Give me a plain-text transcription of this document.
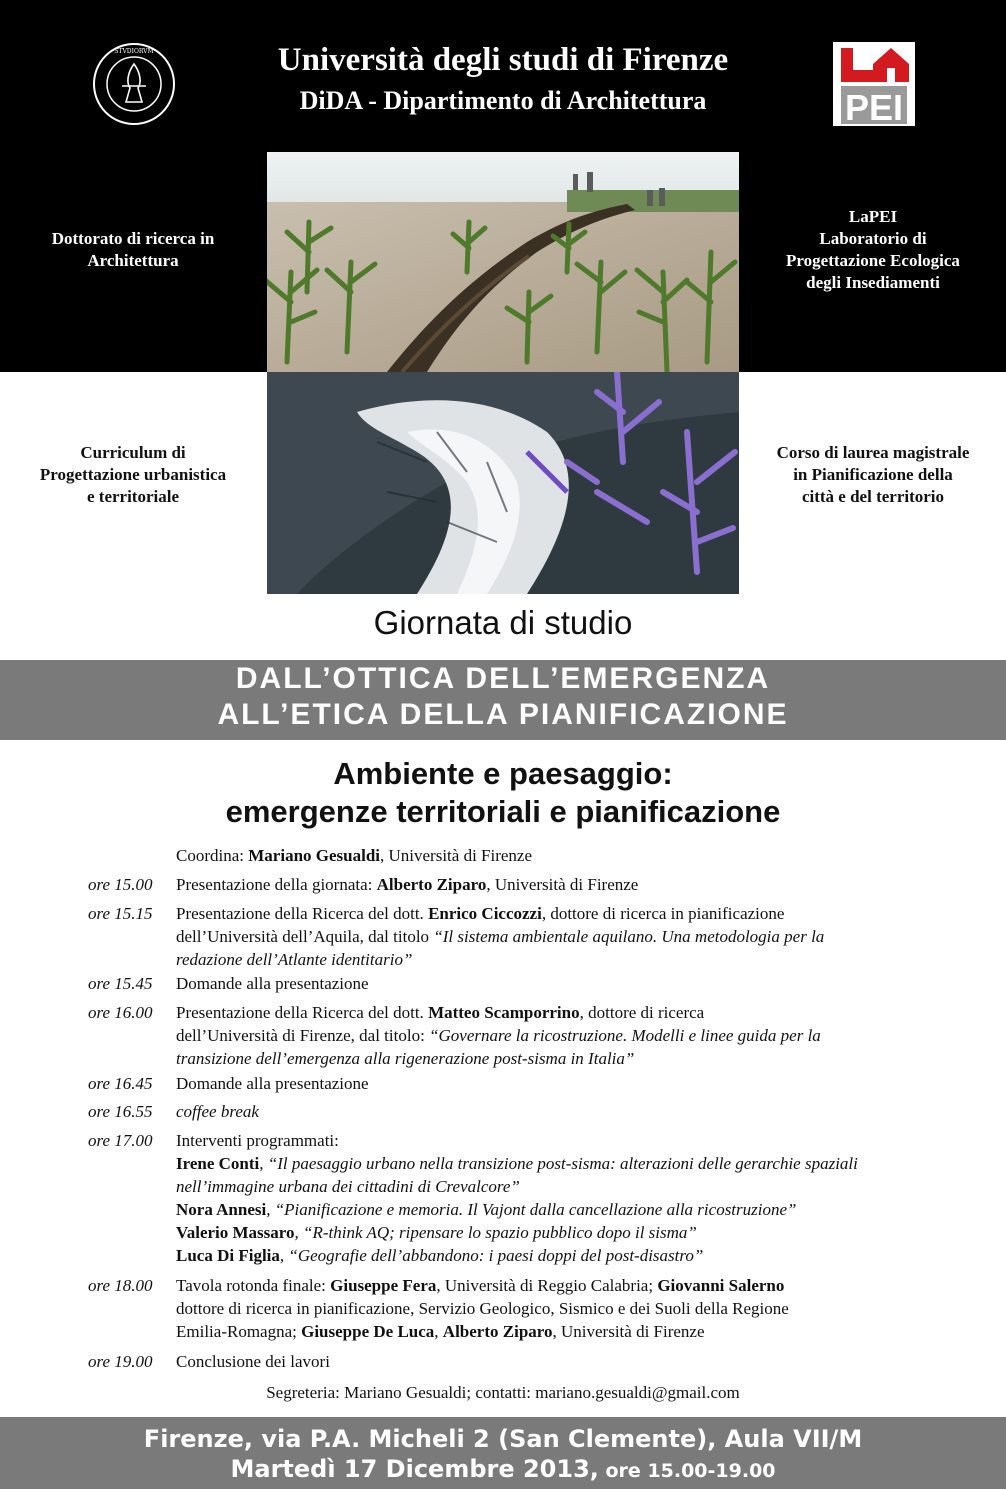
·STVDIORVM·	Università degli studi di Firenze
DiDA - Dipartimento di Architettura	PEI
Dottorato di ricerca in
Architettura
LaPEI
Laboratorio di
Progettazione Ecologica
degli Insediamenti
Curriculum di
Progettazione urbanistica
e territoriale
Corso di laurea magistrale
in Pianificazione della
città e del territorio
Giornata di studio
DALL’OTTICA DELL’EMERGENZA
ALL’ETICA DELLA PIANIFICAZIONE
Ambiente e paesaggio:
emergenze territoriali e pianificazione
Coordina: Mariano Gesualdi, Università di Firenze
ore 15.00	Presentazione della giornata: Alberto Ziparo, Università di Firenze
ore 15.15	Presentazione della Ricerca del dott. Enrico Ciccozzi, dottore di ricerca in pianificazione
dell’Università dell’Aquila, dal titolo “Il sistema ambientale aquilano. Una metodologia per la
redazione dell’Atlante identitario”
ore 15.45	Domande alla presentazione
ore 16.00	Presentazione della Ricerca del dott. Matteo Scamporrino, dottore di ricerca
dell’Università di Firenze, dal titolo: “Governare la ricostruzione. Modelli e linee guida per la
transizione dell’emergenza alla rigenerazione post-sisma in Italia”
ore 16.45	Domande alla presentazione
ore 16.55	coffee break
ore 17.00	Interventi programmati:
Irene Conti, “Il paesaggio urbano nella transizione post-sisma: alterazioni delle gerarchie spaziali
nell’immagine urbana dei cittadini di Crevalcore”
Nora Annesi, “Pianificazione e memoria. Il Vajont dalla cancellazione alla ricostruzione”
Valerio Massaro, “R-think AQ; ripensare lo spazio pubblico dopo il sisma”
Luca Di Figlia, “Geografie dell’abbandono: i paesi doppi del post-disastro”
ore 18.00	Tavola rotonda finale: Giuseppe Fera, Università di Reggio Calabria; Giovanni Salerno
dottore di ricerca in pianificazione, Servizio Geologico, Sismico e dei Suoli della Regione
Emilia-Romagna; Giuseppe De Luca, Alberto Ziparo, Università di Firenze
ore 19.00	Conclusione dei lavori
Segreteria: Mariano Gesualdi; contatti: mariano.gesualdi@gmail.com
Firenze, via P.A. Micheli 2 (San Clemente), Aula VII/M
Martedì 17 Dicembre 2013, ore 15.00-19.00
